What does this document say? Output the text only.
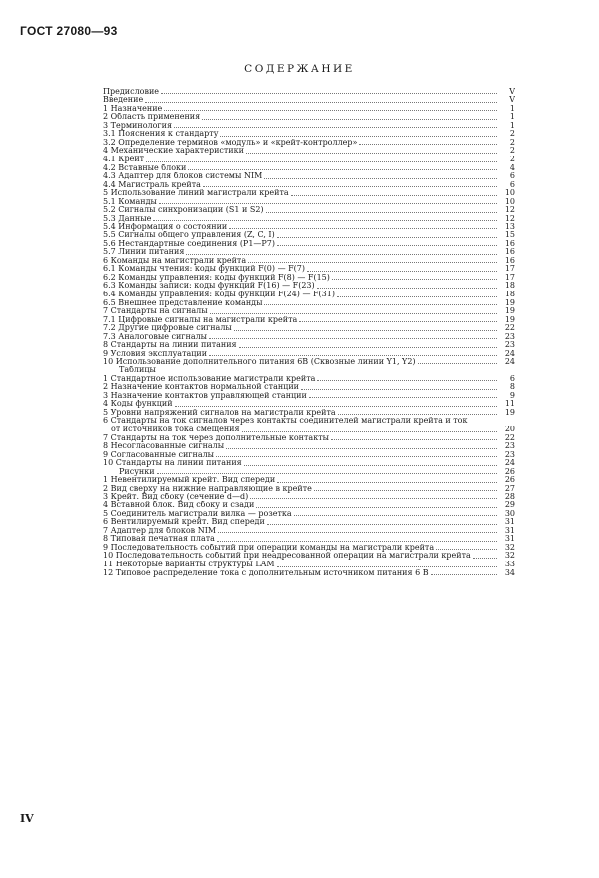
ГОСТ 27080—93
СОДЕРЖАНИЕ
Предисловие	V
Введение	V
1 Назначение	1
2 Область применения	1
3 Терминология	1
3.1 Пояснения к стандарту	2
3.2 Определение терминов «модуль» и «крейт-контроллер»	2
4 Механические характеристики	2
4.1 Крейт	2
4.2 Вставные блоки	4
4.3 Адаптер для блоков системы NIM	6
4.4 Магистраль крейта	6
5 Использование линий магистрали крейта	10
5.1 Команды	10
5.2 Сигналы синхронизации (S1 и S2)	12
5.3 Данные	12
5.4 Информация о состоянии	13
5.5 Сигналы общего управления (Z, C, I)	15
5.6 Нестандартные соединения (P1—P7)	16
5.7 Линии питания	16
6 Команды на магистрали крейта	16
6.1 Команды чтения: коды функций F(0) — F(7)	17
6.2 Команды управления: коды функций F(8) — F(15)	17
6.3 Команды записи: коды функций F(16) — F(23)	18
6.4 Команды управления: коды функций F(24) — F(31)	18
6.5 Внешнее представление команды	19
7 Стандарты на сигналы	19
7.1 Цифровые сигналы на магистрали крейта	19
7.2 Другие цифровые сигналы	22
7.3 Аналоговые сигналы	23
8 Стандарты на линии питания	23
9 Условия эксплуатации	24
10 Использование дополнительного питания 6В (Сквозные линии Y1, Y2)	24
Таблицы
1 Стандартное использование магистрали крейта	6
2 Назначение контактов нормальной станции	8
3 Назначение контактов управляющей станции	9
4 Коды функций	11
5 Уровни напряжений сигналов на магистрали крейта	19
6 Стандарты на ток сигналов через контакты соединителей магистрали крейта и ток
от источников тока смещения	20
7 Стандарты на ток через дополнительные контакты	22
8 Несогласованные сигналы	23
9 Согласованные сигналы	23
10 Стандарты на линии питания	24
Рисунки	26
1 Невентилируемый крейт. Вид спереди	26
2 Вид сверху на нижние направляющие в крейте	27
3 Крейт. Вид сбоку (сечение d—d)	28
4 Вставной блок. Вид сбоку и сзади	29
5 Соединитель магистрали вилка — розетка	30
6 Вентилируемый крейт. Вид спереди	31
7 Адаптер для блоков NIM	31
8 Типовая печатная плата	31
9 Последовательность событий при операции команды на магистрали крейта	32
10 Последовательность событий при неадресованной операции на магистрали крейта	32
11 Некоторые варианты структуры LAM	33
12 Типовое распределение тока с дополнительным источником питания 6 В	34
IV
